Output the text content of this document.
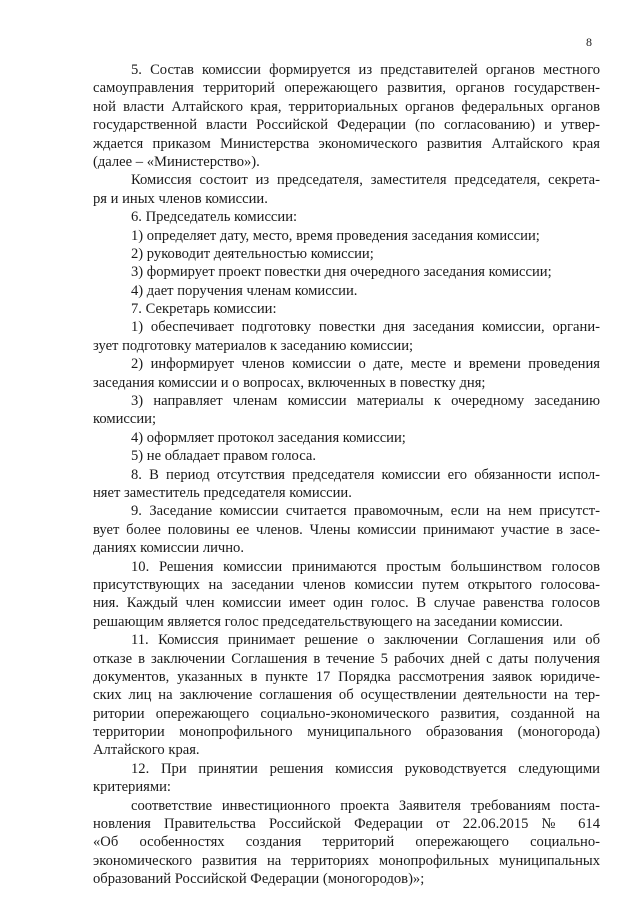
8
5. Состав комиссии формируется из представителей органов местного
самоуправления территорий опережающего развития, органов государствен-
ной власти Алтайского края, территориальных органов федеральных органов
государственной власти Российской Федерации (по согласованию) и утвер-
ждается приказом Министерства экономического развития Алтайского края
(далее – «Министерство»).
Комиссия состоит из председателя, заместителя председателя, секрета-
ря и иных членов комиссии.
6. Председатель комиссии:
1) определяет дату, место, время проведения заседания комиссии;
2) руководит деятельностью комиссии;
3) формирует проект повестки дня очередного заседания комиссии;
4) дает поручения членам комиссии.
7. Секретарь комиссии:
1) обеспечивает подготовку повестки дня заседания комиссии, органи-
зует подготовку материалов к заседанию комиссии;
2) информирует членов комиссии о дате, месте и времени проведения
заседания комиссии и о вопросах, включенных в повестку дня;
3) направляет членам комиссии материалы к очередному заседанию
комиссии;
4) оформляет протокол заседания комиссии;
5) не обладает правом голоса.
8. В период отсутствия председателя комиссии его обязанности испол-
няет заместитель председателя комиссии.
9. Заседание комиссии считается правомочным, если на нем присутст-
вует более половины ее членов. Члены комиссии принимают участие в засе-
даниях комиссии лично.
10. Решения комиссии принимаются простым большинством голосов
присутствующих на заседании членов комиссии путем открытого голосова-
ния. Каждый член комиссии имеет один голос. В случае равенства голосов
решающим является голос председательствующего на заседании комиссии.
11. Комиссия принимает решение о заключении Соглашения или об
отказе в заключении Соглашения в течение 5 рабочих дней с даты получения
документов, указанных в пункте 17 Порядка рассмотрения заявок юридиче-
ских лиц на заключение соглашения об осуществлении деятельности на тер-
ритории опережающего социально-экономического развития, созданной на
территории монопрофильного муниципального образования (моногорода)
Алтайского края.
12. При принятии решения комиссия руководствуется следующими
критериями:
соответствие инвестиционного проекта Заявителя требованиям поста-
новления Правительства Российской Федерации от 22.06.2015 № 614
«Об особенностях создания территорий опережающего социально-
экономического развития на территориях монопрофильных муниципальных
образований Российской Федерации (моногородов)»;
